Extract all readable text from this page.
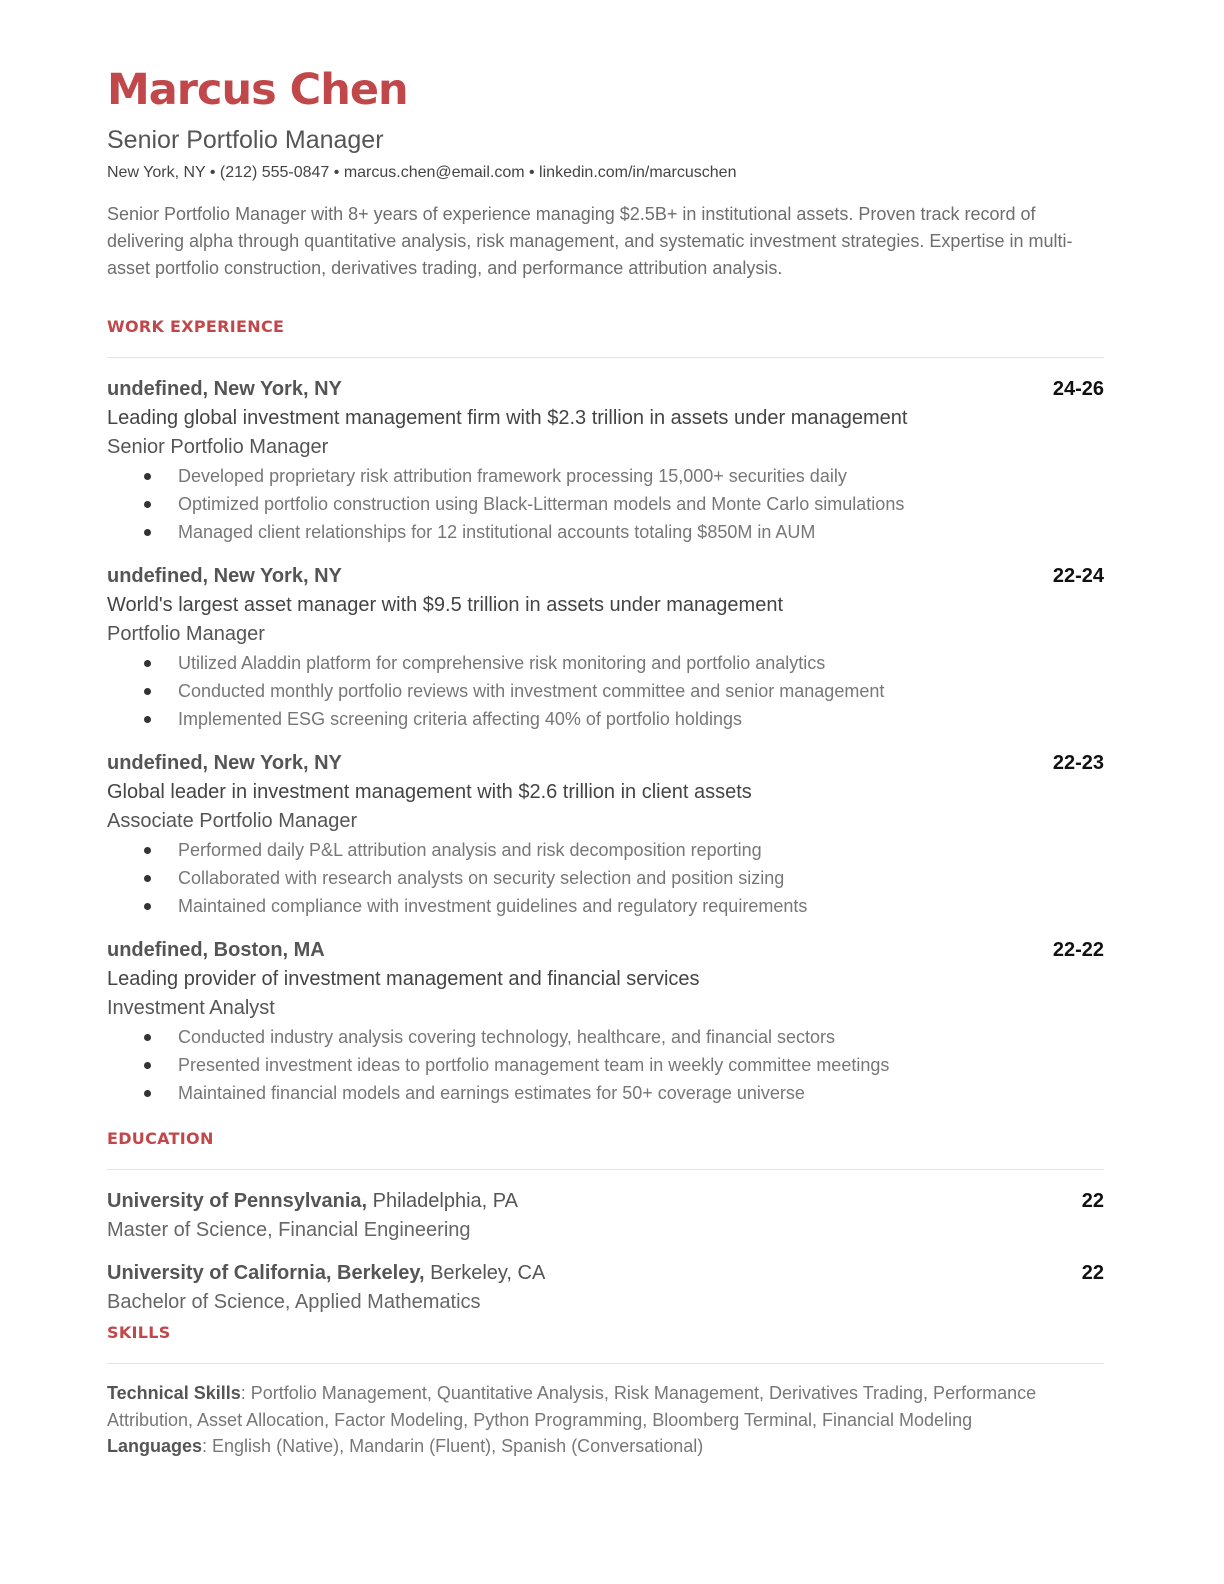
Marcus Chen
Senior Portfolio Manager
New York, NY • (212) 555-0847 • marcus.chen@email.com • linkedin.com/in/marcuschen
Senior Portfolio Manager with 8+ years of experience managing $2.5B+ in institutional assets. Proven track record of delivering alpha through quantitative analysis, risk management, and systematic investment strategies. Expertise in multi-asset portfolio construction, derivatives trading, and performance attribution analysis.
WORK EXPERIENCE
undefined, New York, NY	24-26
Leading global investment management firm with $2.3 trillion in assets under management
Senior Portfolio Manager
Developed proprietary risk attribution framework processing 15,000+ securities daily
Optimized portfolio construction using Black-Litterman models and Monte Carlo simulations
Managed client relationships for 12 institutional accounts totaling $850M in AUM
undefined, New York, NY	22-24
World's largest asset manager with $9.5 trillion in assets under management
Portfolio Manager
Utilized Aladdin platform for comprehensive risk monitoring and portfolio analytics
Conducted monthly portfolio reviews with investment committee and senior management
Implemented ESG screening criteria affecting 40% of portfolio holdings
undefined, New York, NY	22-23
Global leader in investment management with $2.6 trillion in client assets
Associate Portfolio Manager
Performed daily P&L attribution analysis and risk decomposition reporting
Collaborated with research analysts on security selection and position sizing
Maintained compliance with investment guidelines and regulatory requirements
undefined, Boston, MA	22-22
Leading provider of investment management and financial services
Investment Analyst
Conducted industry analysis covering technology, healthcare, and financial sectors
Presented investment ideas to portfolio management team in weekly committee meetings
Maintained financial models and earnings estimates for 50+ coverage universe
EDUCATION
University of Pennsylvania, Philadelphia, PA	22
Master of Science, Financial Engineering
University of California, Berkeley, Berkeley, CA	22
Bachelor of Science, Applied Mathematics
SKILLS
Technical Skills: Portfolio Management, Quantitative Analysis, Risk Management, Derivatives Trading, Performance Attribution, Asset Allocation, Factor Modeling, Python Programming, Bloomberg Terminal, Financial Modeling
Languages: English (Native), Mandarin (Fluent), Spanish (Conversational)
